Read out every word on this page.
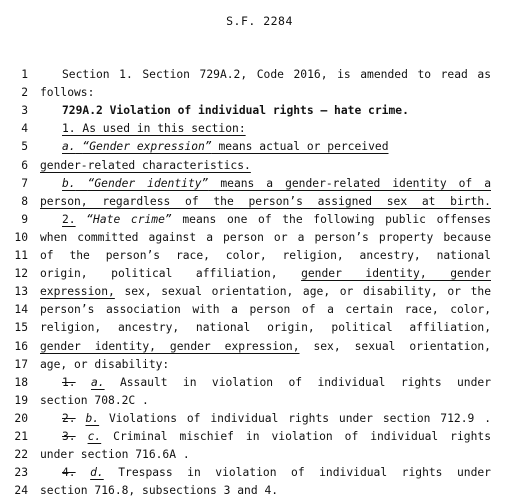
S.F. 2284
1	Section 1. Section 729A.2, Code 2016, is amended to read as
2	follows:
3	729A.2 Violation of individual rights — hate crime.
4	1. As used in this section:
5	a. “Gender expression” means actual or perceived
6	gender-related characteristics.
7	b. “Gender identity” means a gender-related identity of a
8	person, regardless of the person’s assigned sex at birth.
9	2. “Hate crime” means one of the following public offenses
10	when committed against a person or a person’s property because
11	of the person’s race, color, religion, ancestry, national
12	origin, political affiliation, gender identity, gender
13	expression, sex, sexual orientation, age, or disability, or the
14	person’s association with a person of a certain race, color,
15	religion, ancestry, national origin, political affiliation,
16	gender identity, gender expression, sex, sexual orientation,
17	age, or disability:
18	1. a. Assault in violation of individual rights under
19	section 708.2C .
20	2. b. Violations of individual rights under section 712.9 .
21	3. c. Criminal mischief in violation of individual rights
22	under section 716.6A .
23	4. d. Trespass in violation of individual rights under
24	section 716.8, subsections 3 and 4.
